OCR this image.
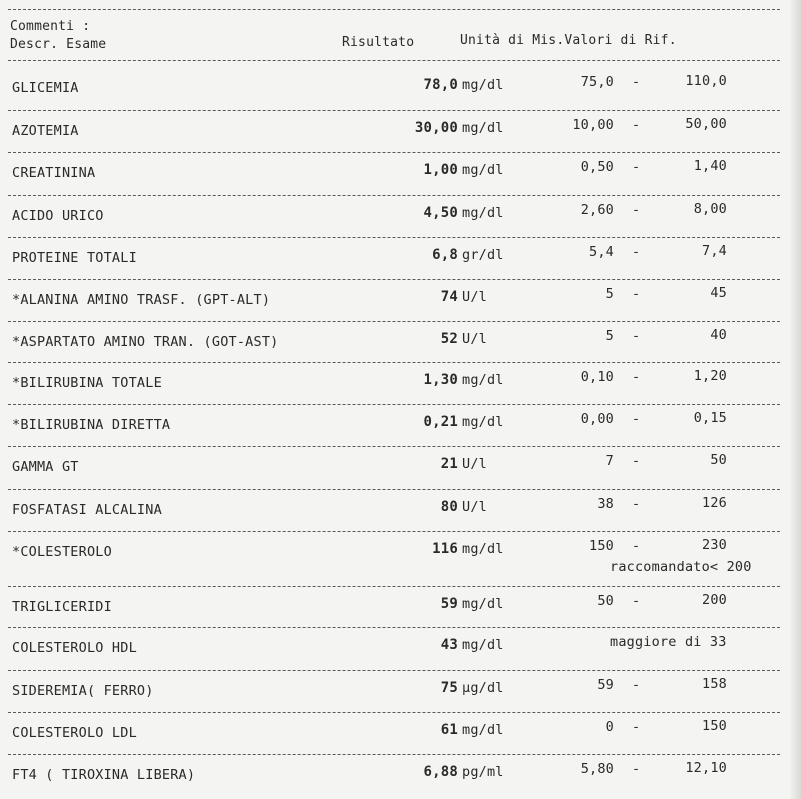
Commenti :
Descr. Esame	Risultato	Unità di Mis.Valori di Rif.
GLICEMIA	78,0 mg/dl	75,0 -	110,0
AZOTEMIA	30,00 mg/dl	10,00 -	50,00
CREATININA	1,00 mg/dl	0,50 -	1,40
ACIDO URICO	4,50 mg/dl	2,60 -	8,00
PROTEINE TOTALI	6,8 gr/dl	5,4 -	7,4
*ALANINA AMINO TRASF. (GPT-ALT)	74 U/l	5 -	45
*ASPARTATO AMINO TRAN. (GOT-AST)	52 U/l	5 -	40
*BILIRUBINA TOTALE	1,30 mg/dl	0,10 -	1,20
*BILIRUBINA DIRETTA	0,21 mg/dl	0,00 -	0,15
GAMMA GT	21 U/l	7 -	50
FOSFATASI ALCALINA	80 U/l	38 -	126
*COLESTEROLO	116 mg/dl	150 -	230
raccomandato< 200
TRIGLICERIDI	59 mg/dl	50 -	200
COLESTEROLO HDL	43 mg/dl	maggiore di 33
SIDEREMIA( FERRO)	75 µg/dl	59 -	158
COLESTEROLO LDL	61 mg/dl	0 -	150
FT4 ( TIROXINA LIBERA)	6,88 pg/ml	5,80 -	12,10
